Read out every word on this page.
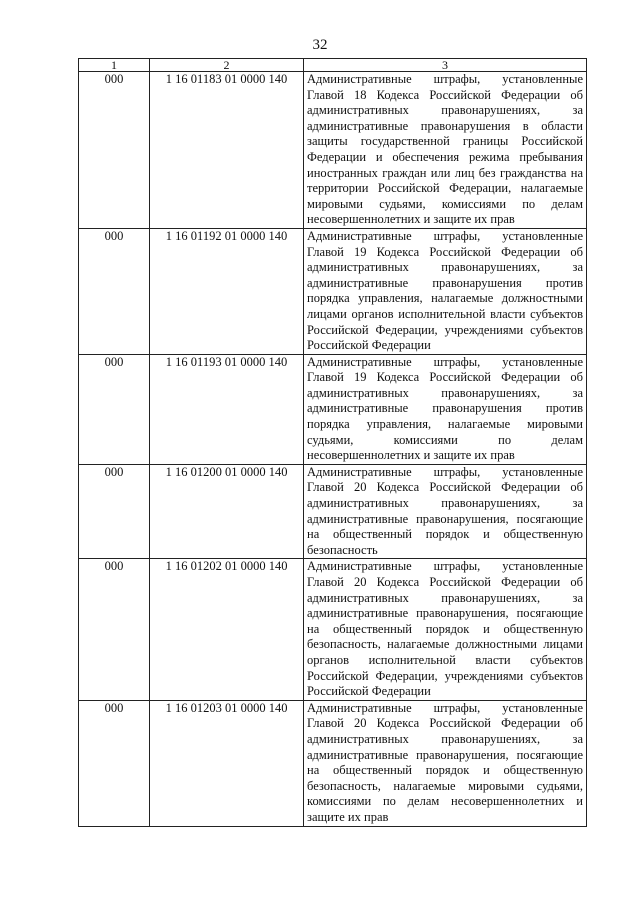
32
1	2	3
000	1 16 01183 01 0000 140	Административные штрафы, установленные Главой 18 Кодекса Российской Федерации об административных правонарушениях, за административные правонарушения в области защиты государственной границы Российской Федерации и обеспечения режима пребывания иностранных граждан или лиц без гражданства на территории Российской Федерации, налагаемые мировыми судьями, комиссиями по делам несовершеннолетних и защите их прав
000	1 16 01192 01 0000 140	Административные штрафы, установленные Главой 19 Кодекса Российской Федерации об административных правонарушениях, за административные правонарушения против порядка управления, налагаемые должностными лицами органов исполнительной власти субъектов Российской Федерации, учреждениями субъектов Российской Федерации
000	1 16 01193 01 0000 140	Административные штрафы, установленные Главой 19 Кодекса Российской Федерации об административных правонарушениях, за административные правонарушения против порядка управления, налагаемые мировыми судьями, комиссиями по делам несовершеннолетних и защите их прав
000	1 16 01200 01 0000 140	Административные штрафы, установленные Главой 20 Кодекса Российской Федерации об административных правонарушениях, за административные правонарушения, посягающие на общественный порядок и общественную безопасность
000	1 16 01202 01 0000 140	Административные штрафы, установленные Главой 20 Кодекса Российской Федерации об административных правонарушениях, за административные правонарушения, посягающие на общественный порядок и общественную безопасность, налагаемые должностными лицами органов исполнительной власти субъектов Российской Федерации, учреждениями субъектов Российской Федерации
000	1 16 01203 01 0000 140	Административные штрафы, установленные Главой 20 Кодекса Российской Федерации об административных правонарушениях, за административные правонарушения, посягающие на общественный порядок и общественную безопасность, налагаемые мировыми судьями, комиссиями по делам несовершеннолетних и защите их прав
